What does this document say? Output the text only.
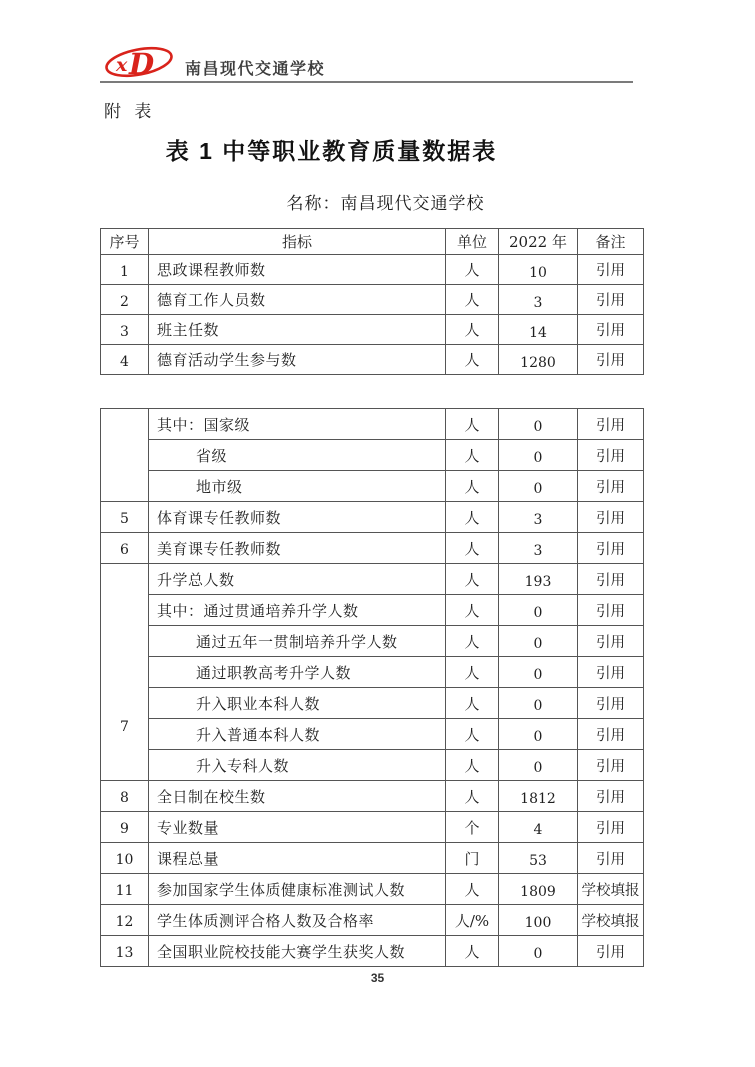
x D 南昌现代交通学校
附 表
表 1 中等职业教育质量数据表
名称：南昌现代交通学校
序号	指标	单位	2022 年	备注
1	思政课程教师数	人	10	引用
2	德育工作人员数	人	3	引用
3	班主任数	人	14	引用
4	德育活动学生参与数	人	1280	引用
	其中：国家级	人	0	引用
	省级	人	0	引用
	地市级	人	0	引用
5	体育课专任教师数	人	3	引用
6	美育课专任教师数	人	3	引用
7	升学总人数	人	193	引用
	其中：通过贯通培养升学人数	人	0	引用
	通过五年一贯制培养升学人数	人	0	引用
	通过职教高考升学人数	人	0	引用
	升入职业本科人数	人	0	引用
	升入普通本科人数	人	0	引用
	升入专科人数	人	0	引用
8	全日制在校生数	人	1812	引用
9	专业数量	个	4	引用
10	课程总量	门	53	引用
11	参加国家学生体质健康标准测试人数	人	1809	学校填报
12	学生体质测评合格人数及合格率	人/%	100	学校填报
13	全国职业院校技能大赛学生获奖人数	人	0	引用
35
